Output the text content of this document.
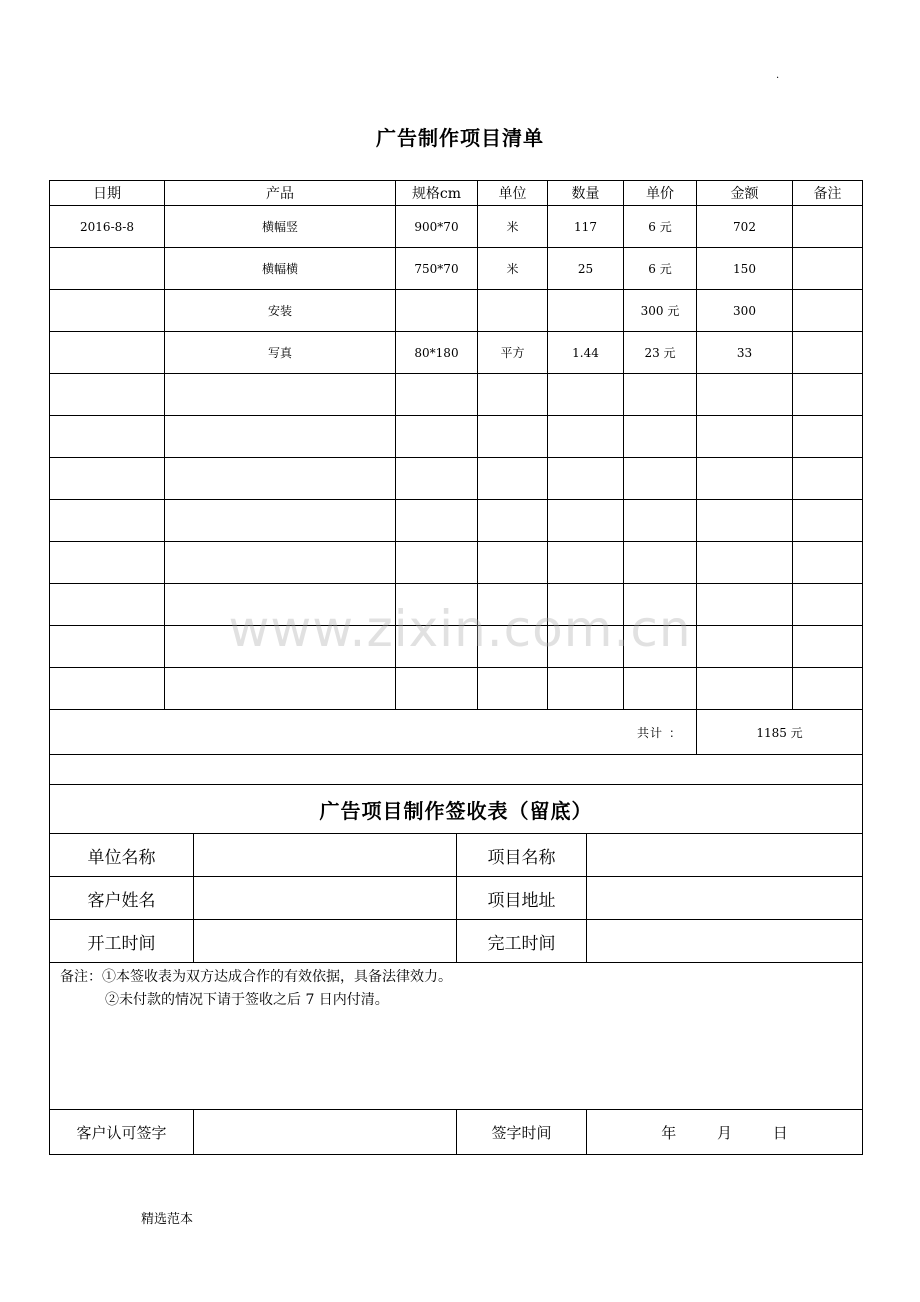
.
广告制作项目清单
日期	产品	规格cm	单位	数量	单价	金额	备注
2016-8-8	横幅竖	900*70	米	117	6 元	702	
	横幅横	750*70	米	25	6 元	150	
	安装				300 元	300	
	写真	80*180	平方	1.44	23 元	33	

共计 ：						1185 元	

广告项目制作签收表（留底）			
单位名称		项目名称	
客户姓名		项目地址	
开工时间		完工时间	

备注：①本签收表为双方达成合作的有效依据，具备法律效力。
②未付款的情况下请于签收之后 7 日内付清。			

客户认可签字		签字时间	年 月 日
www.zixin.com.cn
精选范本
